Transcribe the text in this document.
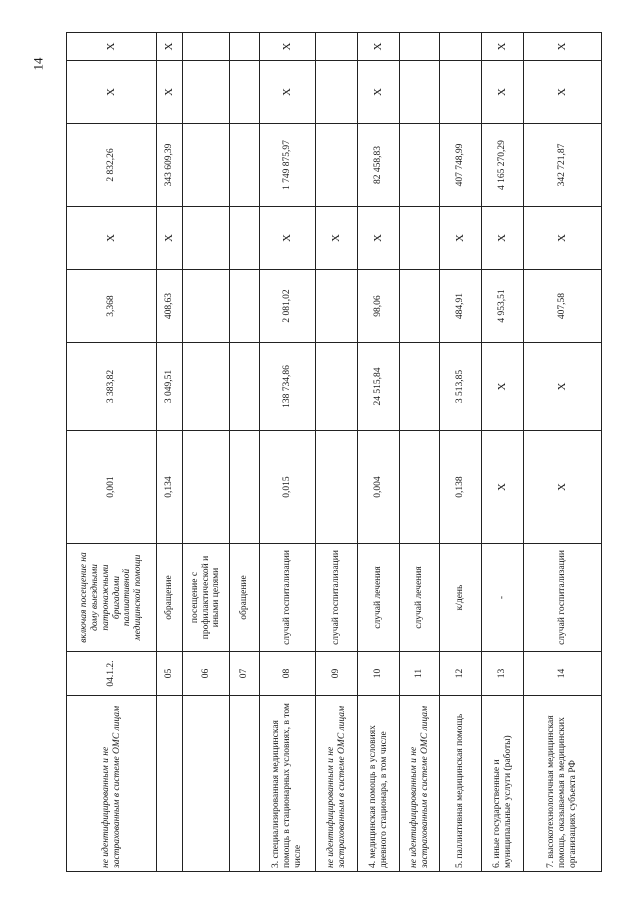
14
не идентифицированным и не застрахованным в системе ОМС лицам
04.1.2.
включая посещение на дому выездными патронажными бригадами паллиативной медицинской помощи
0,001
3 383,82
3,368
X
2 832,26
X
X
05
обращение
0,134
3 049,51
408,63
X
343 609,39
X
X
06
посещение с профилактической и иными целями
07
обращение
3. специализированная медицинская помощь в стационарных условиях, в том числе
08
случай госпитализации
0,015
138 734,86
2 081,02
X
1 749 875,97
X
X
не идентифицированным и не застрахованным в системе ОМС лицам
09
случай госпитализации
X
4. медицинская помощь в условиях дневного стационара, в том числе
10
случай лечения
0,004
24 515,84
98,06
X
82 458,83
X
X
не идентифицированным и не застрахованным в системе ОМС лицам
11
случай лечения
5. паллиативная медицинская помощь
12
к/день
0,138
3 513,85
484,91
X
407 748,99
6. иные государственные и муниципальные услуги (работы)
13
-
X
X
4 953,51
X
4 165 270,29
X
X
7. высокотехнологичная медицинская помощь, оказываемая в медицинских организациях субъекта РФ
14
случай госпитализации
X
X
407,58
X
342 721,87
X
X
